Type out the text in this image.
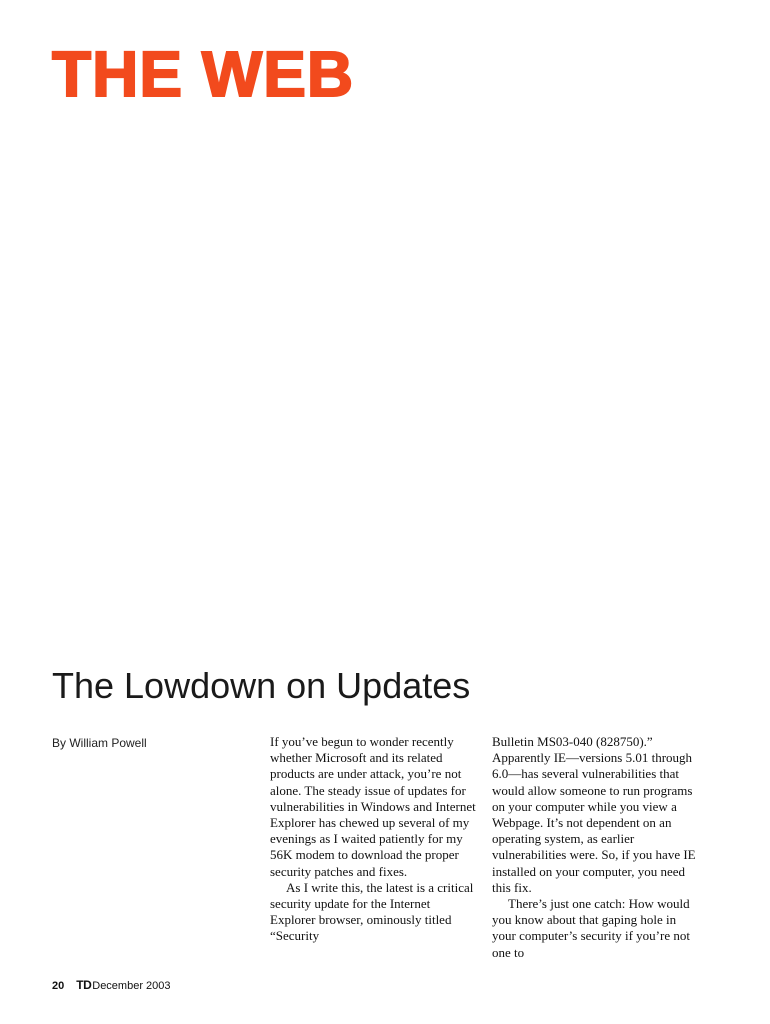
THE WEB
The Lowdown on Updates
By William Powell	If you’ve begun to wonder recently whether Microsoft and its related products are under attack, you’re not alone. The steady issue of updates for vulnerabilities in Windows and Internet Explorer has chewed up several of my evenings as I waited patiently for my 56K modem to download the proper security patches and fixes.

As I write this, the latest is a critical security update for the Internet Explorer browser, ominously titled “Security

Bulletin MS03-040 (828750).” Apparently IE—versions 5.01 through 6.0—has several vulnerabilities that would allow someone to run programs on your computer while you view a Webpage. It’s not dependent on an operating system, as earlier vulnerabilities were. So, if you have IE installed on your computer, you need this fix.

There’s just one catch: How would you know about that gaping hole in your computer’s security if you’re not one to

20 TD December 2003
